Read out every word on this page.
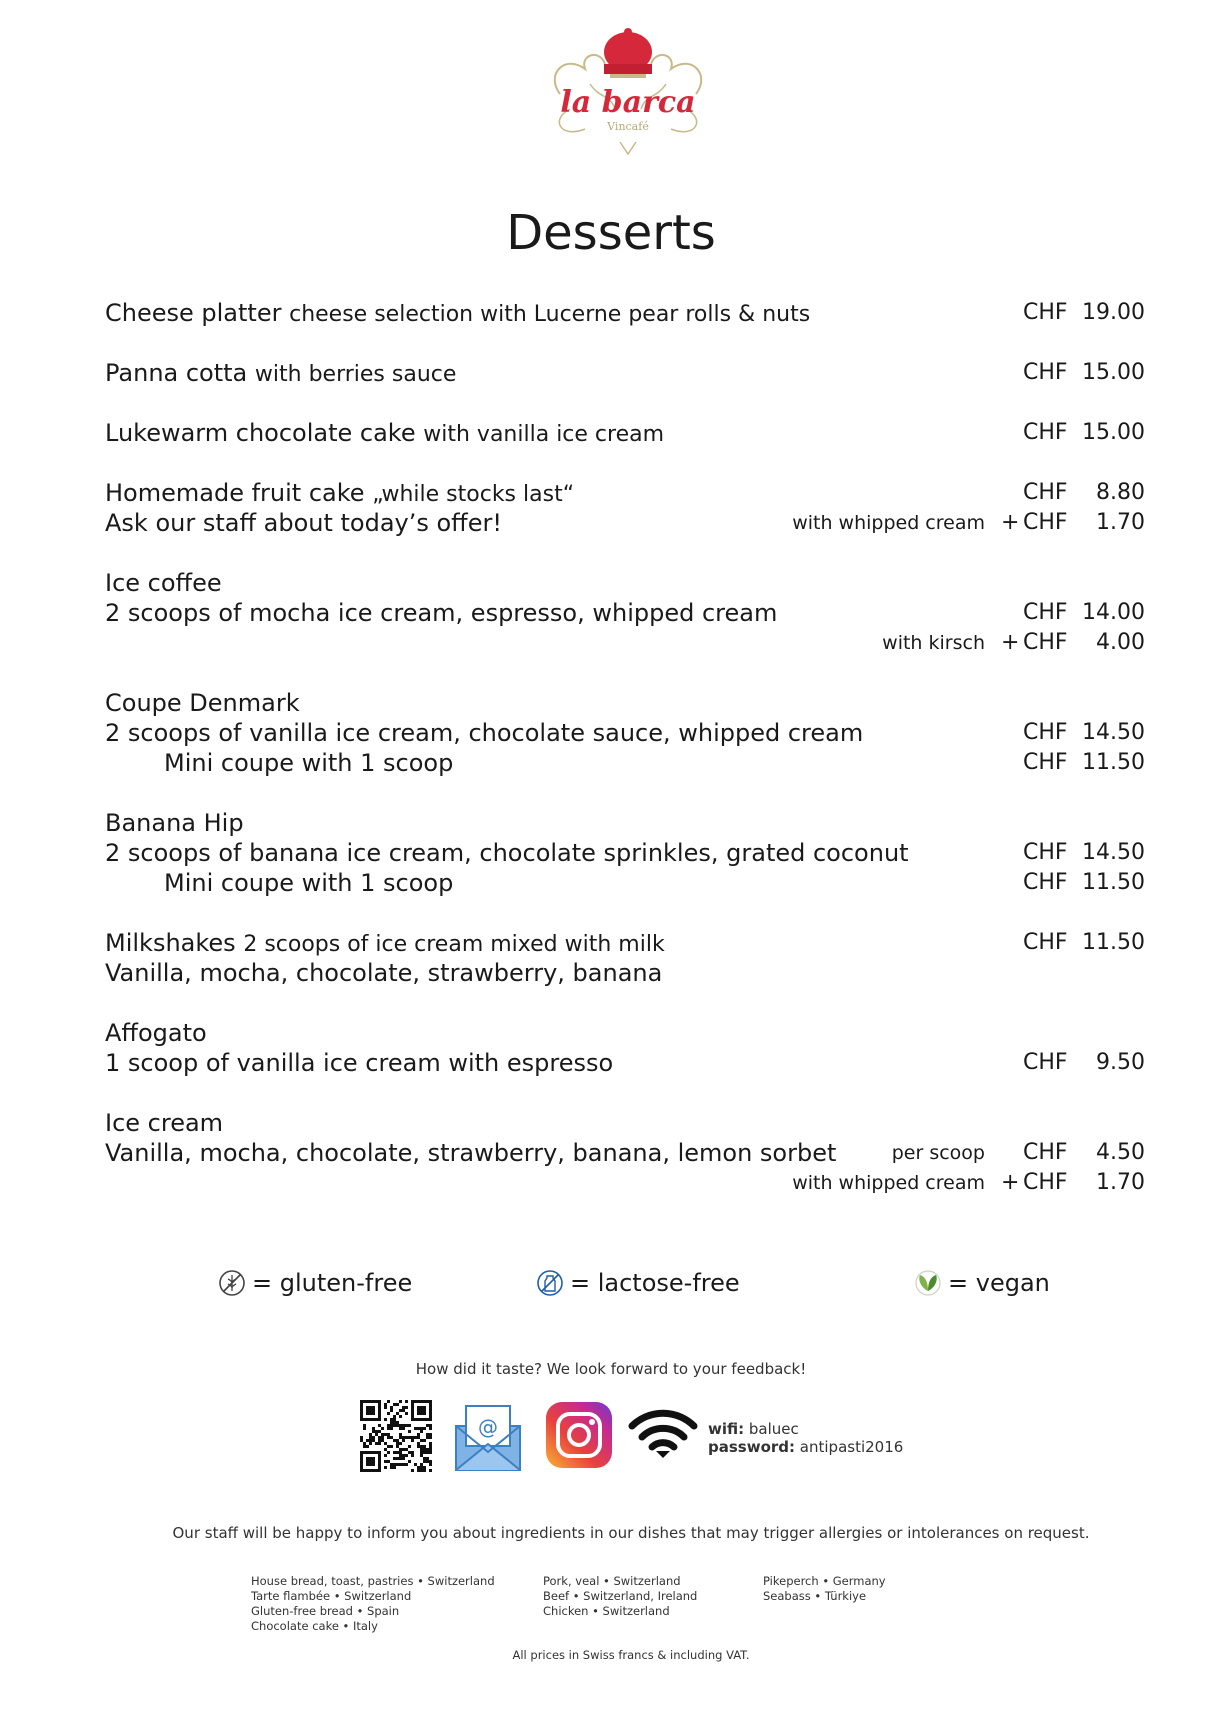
la barca
Vincafé
Desserts
Cheese platter cheese selection with Lucerne pear rolls & nuts	CHF 19.00
Panna cotta with berries sauce	CHF 15.00
Lukewarm chocolate cake with vanilla ice cream	CHF 15.00
Homemade fruit cake „while stocks last“	CHF 8.80
Ask our staff about today’s offer!	with whipped cream + CHF 1.70
Ice coffee
2 scoops of mocha ice cream, espresso, whipped cream	CHF 14.00
with kirsch + CHF 4.00
Coupe Denmark
2 scoops of vanilla ice cream, chocolate sauce, whipped cream	CHF 14.50
Mini coupe with 1 scoop	CHF 11.50
Banana Hip
2 scoops of banana ice cream, chocolate sprinkles, grated coconut	CHF 14.50
Mini coupe with 1 scoop	CHF 11.50
Milkshakes 2 scoops of ice cream mixed with milk	CHF 11.50
Vanilla, mocha, chocolate, strawberry, banana
Affogato
1 scoop of vanilla ice cream with espresso	CHF 9.50
Ice cream
Vanilla, mocha, chocolate, strawberry, banana, lemon sorbet	per scoop CHF 4.50
with whipped cream + CHF 1.70
= gluten-free	= lactose-free	= vegan
How did it taste? We look forward to your feedback!
@	wifi: baluec
password: antipasti2016
Our staff will be happy to inform you about ingredients in our dishes that may trigger allergies or intolerances on request.
House bread, toast, pastries • Switzerland
Tarte flambée • Switzerland
Gluten-free bread • Spain
Chocolate cake • Italy
Pork, veal • Switzerland
Beef • Switzerland, Ireland
Chicken • Switzerland
Pikeperch • Germany
Seabass • Türkiye
All prices in Swiss francs & including VAT.
